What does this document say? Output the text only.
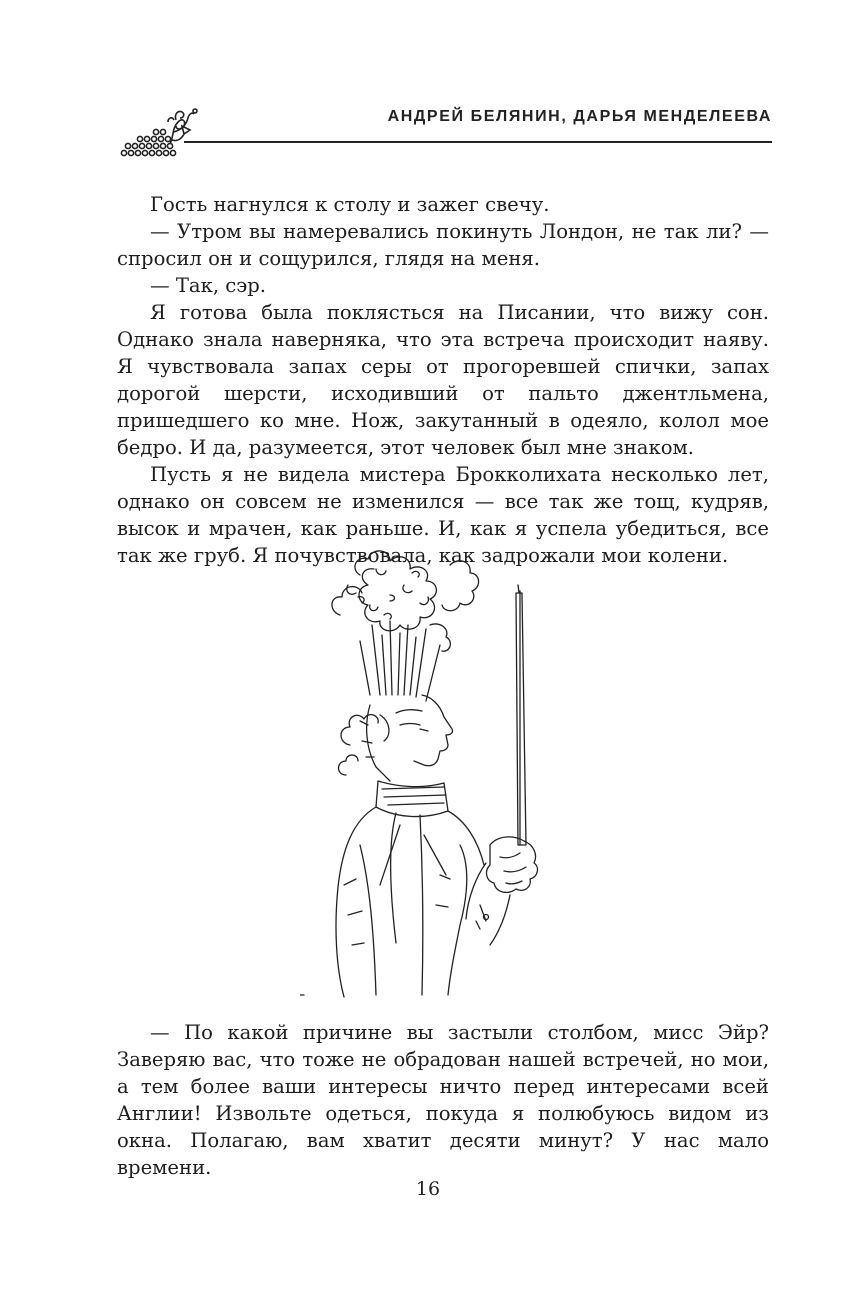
АНДРЕЙ БЕЛЯНИН, ДАРЬЯ МЕНДЕЛЕЕВА

Гость нагнулся к столу и зажег свечу.

— Утром вы намеревались покинуть Лондон, не так ли? — спросил он и сощурился, глядя на меня.

— Так, сэр.

Я готова была поклясться на Писании, что вижу сон. Однако знала наверняка, что эта встреча происходит наяву. Я чувствовала запах серы от прогоревшей спички, запах дорогой шерсти, исходивший от пальто джентльмена, пришедшего ко мне. Нож, закутанный в одеяло, колол мое бедро. И да, разумеется, этот человек был мне знаком.

Пусть я не видела мистера Брокколихата несколько лет, однако он совсем не изменился — все так же тощ, кудряв, высок и мрачен, как раньше. И, как я успела убедиться, все так же груб. Я почувствовала, как задрожали мои колени.

— По какой причине вы застыли столбом, мисс Эйр? Заверяю вас, что тоже не обрадован нашей встречей, но мои, а тем более ваши интересы ничто перед интересами всей Англии! Извольте одеться, покуда я полюбуюсь видом из окна. Полагаю, вам хватит десяти минут? У нас мало времени.

16
